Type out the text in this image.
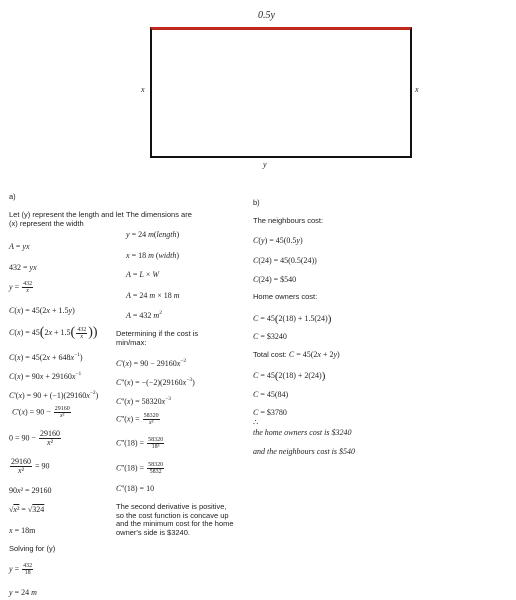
0.5y
x	x
y
a)
Let (y) represent the length and let (x) represent the width
A = yx
432 = yx
$y = \frac{432}{x}$
C(x) = 45(2x + 1.5y)
$C(x) = 45(2x + 1.5( \frac{432}{x}$ ))
$C(x) = 45(2x + 648x^{-1})$
$C(x) = 90x + 29160x^{-1}$
$C'(x) = 90 + (-1)(29160x^{-2})$
$C'(x) = 90 - \frac{29160}{\text{x²}}$
$0 = 90 - \frac{29160}{\text{x²}}$
$\frac{29160}{\text{x²}} = 90$
90x² = 29160
√x² = √324
x = 18m
Solving for (y)
$y = \frac{432}{18}$
y = 24 m
The dimensions are
y = 24 m(length)
x = 18 m (width)
A = L × W
A = 24 m × 18 m
A = 432 $m^2$
Determining if the cost is min/max:
$C'(x) = 90 - 29160x^{-2}$
$C''(x) = -(-2)(29160x^{-3})$
$C''(x) = 58320x^{-3}$
$C''(x) = \frac{58320}{\text{x³}}$
$C''(18) = \frac{58320}{\text{18³}}$
$C''(18) = \frac{58320}{5832}$
C''(18) = 10
The second derivative is positive, so the cost function is concave up and the minimum cost for the home owner's side is $3240.
b)
The neighbours cost:
C(y) = 45(0.5y)
C(24) = 45(0.5(24))
C(24) = $540
Home owners cost:
C = 45(2(18) + 1.5(24))
C = $3240
Total cost: C = 45(2x + 2y)
C = 45(2(18) + 2(24))
C = 45(84)
C = $3780
∴
the home owners cost is $3240
and the neighbours cost is $540
